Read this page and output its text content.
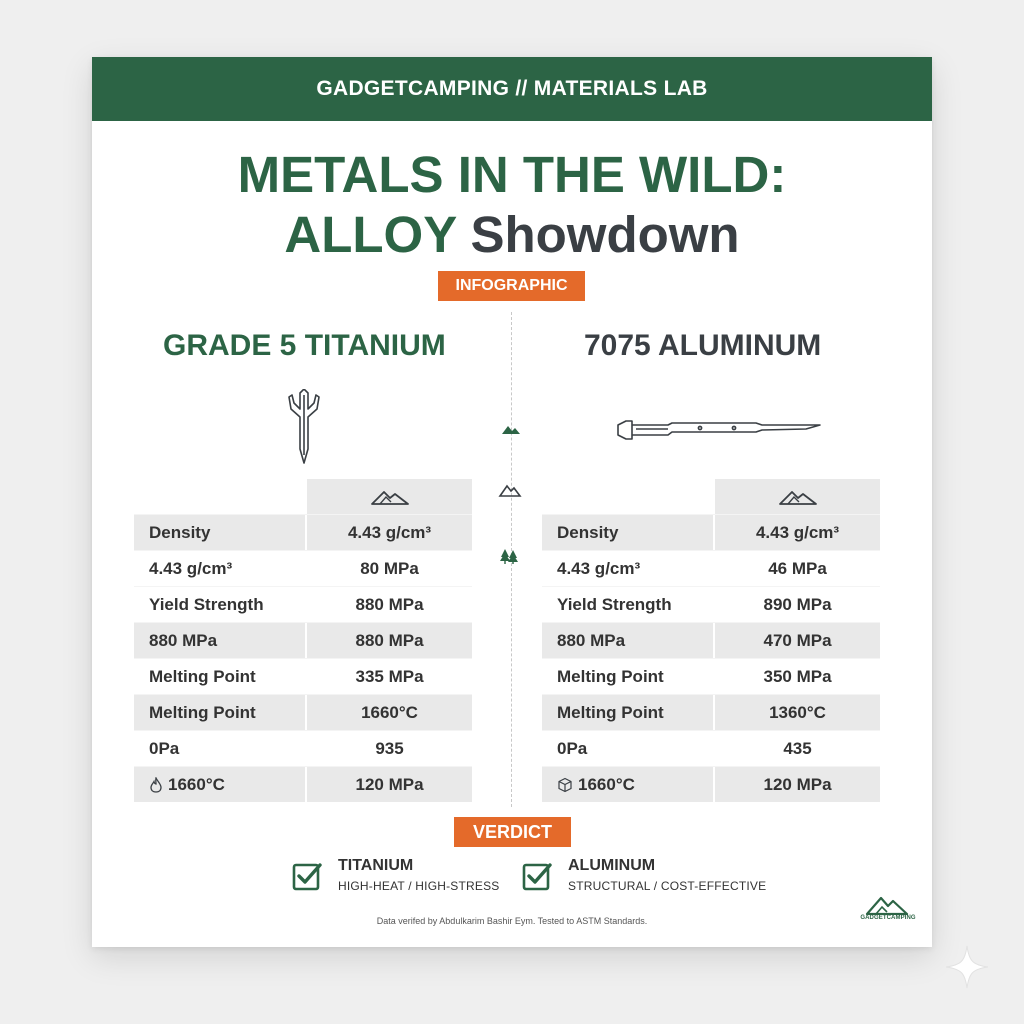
GADGETCAMPING // MATERIALS LAB
METALS IN THE WILD:
ALLOY Showdown
INFOGRAPHIC
GRADE 5 TITANIUM	7075 ALUMINUM
Density	4.43 g/cm³
4.43 g/cm³	80 MPa
Yield Strength	880 MPa
880 MPa	880 MPa
Melting Point	335 MPa
Melting Point	1660°C
0Pa	935
1660°C	120 MPa
Density	4.43 g/cm³
4.43 g/cm³	46 MPa
Yield Strength	890 MPa
880 MPa	470 MPa
Melting Point	350 MPa
Melting Point	1360°C
0Pa	435
1660°C	120 MPa
VERDICT
TITANIUM
HIGH-HEAT / HIGH-STRESS
ALUMINUM
STRUCTURAL / COST-EFFECTIVE
Data verifed by Abdulkarim Bashir Eym. Tested to ASTM Standards.	GADGETCAMPING
